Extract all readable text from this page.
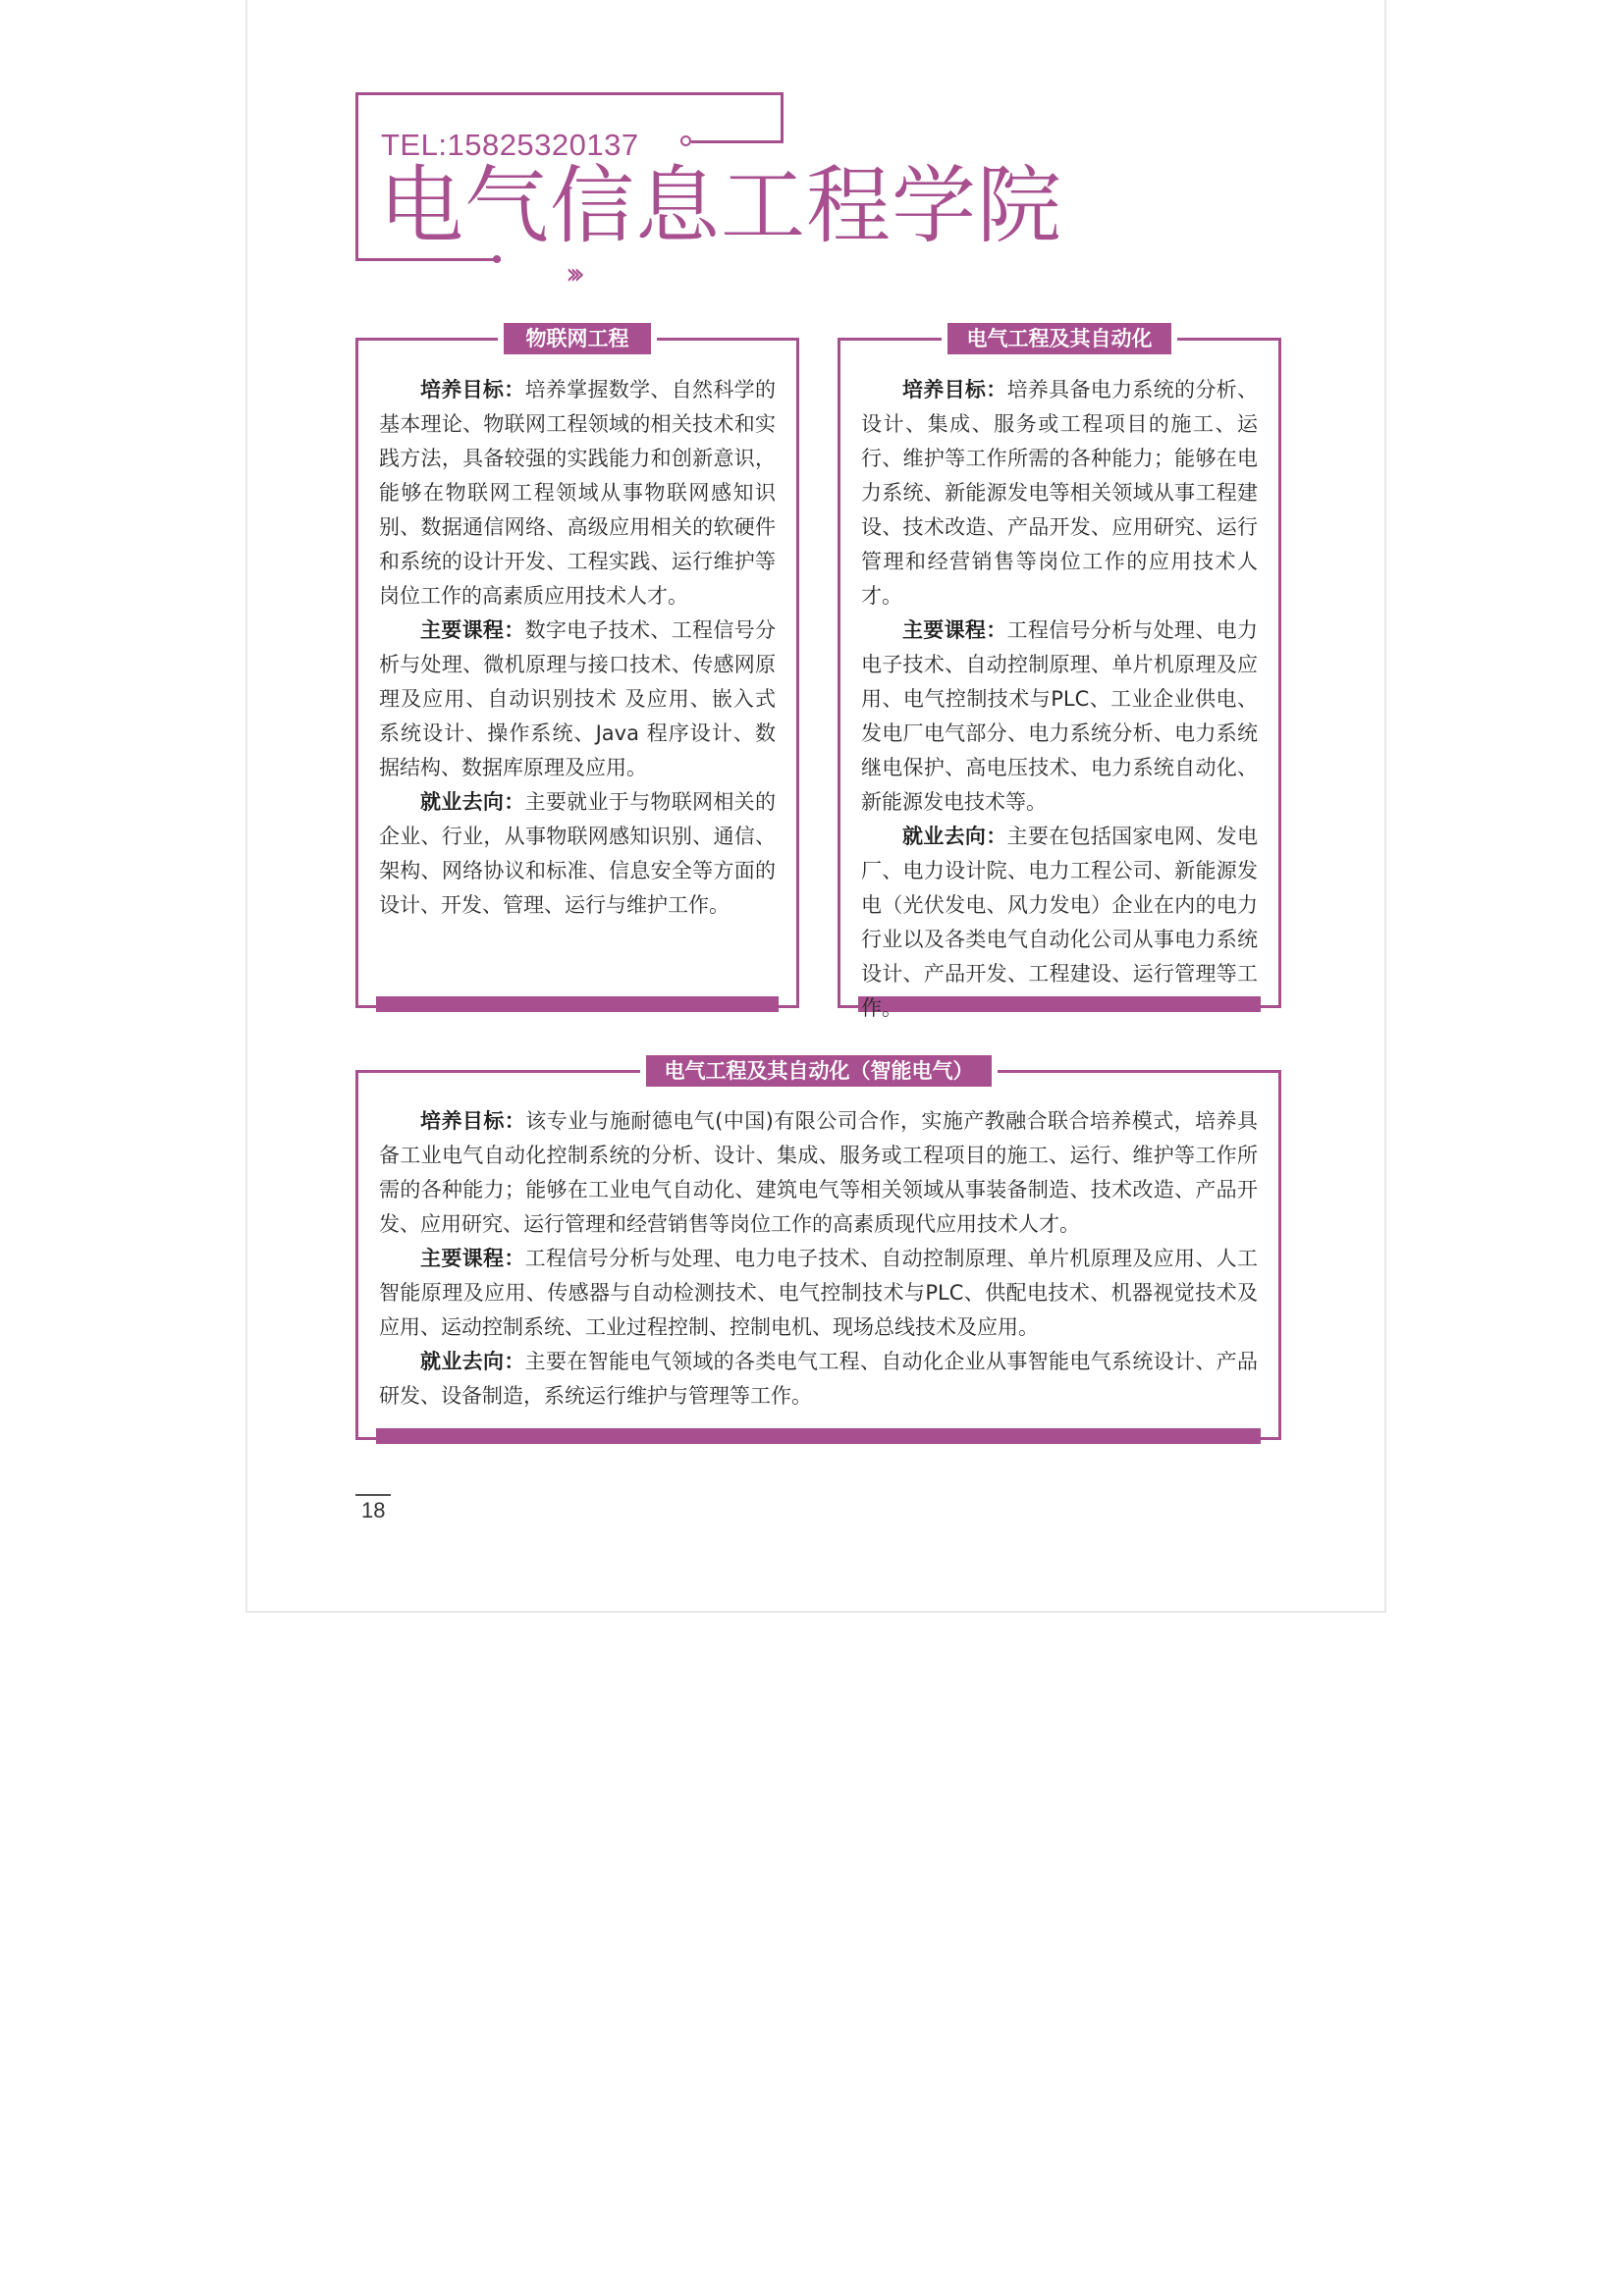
TEL:15825320137
电气信息工程学院
›››
物联网工程

培养目标：培养掌握数学、自然科学的基本理论、物联网工程领域的相关技术和实践方法，具备较强的实践能力和创新意识，能够在物联网工程领域从事物联网感知识别、数据通信网络、高级应用相关的软硬件和系统的设计开发、工程实践、运行维护等岗位工作的高素质应用技术人才。

主要课程：数字电子技术、工程信号分析与处理、微机原理与接口技术、传感网原理及应用、自动识别技术 及应用、嵌入式系统设计、操作系统、Java 程序设计、数据结构、数据库原理及应用。

就业去向：主要就业于与物联网相关的企业、行业，从事物联网感知识别、通信、架构、网络协议和标准、信息安全等方面的设计、开发、管理、运行与维护工作。

电气工程及其自动化

培养目标：培养具备电力系统的分析、设计、集成、服务或工程项目的施工、运行、维护等工作所需的各种能力；能够在电力系统、新能源发电等相关领域从事工程建设、技术改造、产品开发、应用研究、运行管理和经营销售等岗位工作的应用技术人才。

主要课程：工程信号分析与处理、电力电子技术、自动控制原理、单片机原理及应用、电气控制技术与PLC、工业企业供电、发电厂电气部分、电力系统分析、电力系统继电保护、高电压技术、电力系统自动化、新能源发电技术等。

就业去向：主要在包括国家电网、发电厂、电力设计院、电力工程公司、新能源发电（光伏发电、风力发电）企业在内的电力行业以及各类电气自动化公司从事电力系统设计、产品开发、工程建设、运行管理等工作。

电气工程及其自动化（智能电气）

培养目标：该专业与施耐德电气(中国)有限公司合作，实施产教融合联合培养模式，培养具备工业电气自动化控制系统的分析、设计、集成、服务或工程项目的施工、运行、维护等工作所需的各种能力；能够在工业电气自动化、建筑电气等相关领域从事装备制造、技术改造、产品开发、应用研究、运行管理和经营销售等岗位工作的高素质现代应用技术人才。

主要课程：工程信号分析与处理、电力电子技术、自动控制原理、单片机原理及应用、人工智能原理及应用、传感器与自动检测技术、电气控制技术与PLC、供配电技术、机器视觉技术及应用、运动控制系统、工业过程控制、控制电机、现场总线技术及应用。

就业去向：主要在智能电气领域的各类电气工程、自动化企业从事智能电气系统设计、产品研发、设备制造，系统运行维护与管理等工作。

18
